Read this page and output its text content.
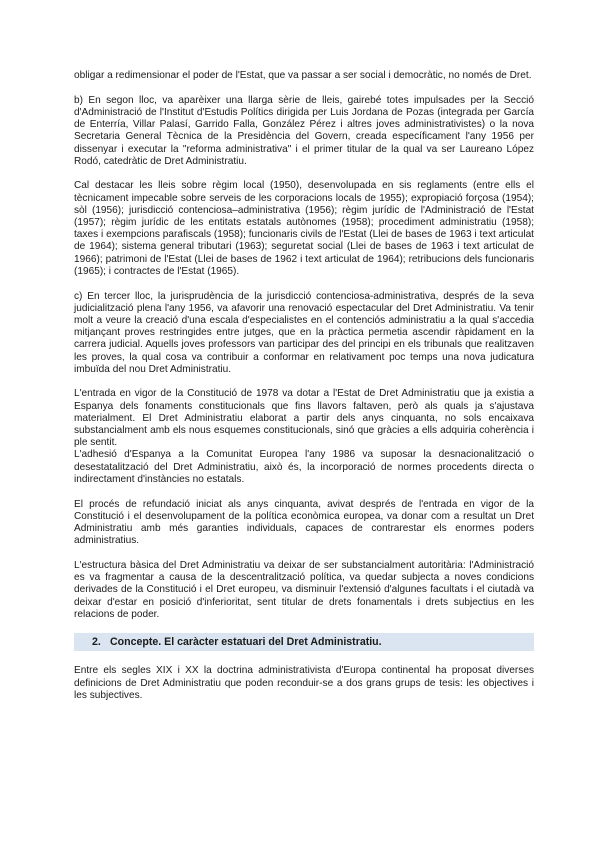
obligar a redimensionar el poder de l'Estat, que va passar a ser social i democràtic, no només de Dret.

b) En segon lloc, va aparèixer una llarga sèrie de lleis, gairebé totes impulsades per la Secció d'Administració de l'Institut d'Estudis Polítics dirigida per Luis Jordana de Pozas (integrada per García de Enterría, Villar Palasí, Garrido Falla, González Pérez i altres joves administrativistes) o la nova Secretaria General Tècnica de la Presidència del Govern, creada específicament l'any 1956 per dissenyar i executar la "reforma administrativa" i el primer titular de la qual va ser Laureano López Rodó, catedràtic de Dret Administratiu.

Cal destacar les lleis sobre règim local (1950), desenvolupada en sis reglaments (entre ells el tècnicament impecable sobre serveis de les corporacions locals de 1955); expropiació forçosa (1954); sòl (1956); jurisdicció contenciosa–administrativa (1956); règim jurídic de l'Administració de l'Estat (1957); règim jurídic de les entitats estatals autònomes (1958); procediment administratiu (1958); taxes i exempcions parafiscals (1958); funcionaris civils de l'Estat (Llei de bases de 1963 i text articulat de 1964); sistema general tributari (1963); seguretat social (Llei de bases de 1963 i text articulat de 1966); patrimoni de l'Estat (Llei de bases de 1962 i text articulat de 1964); retribucions dels funcionaris (1965); i contractes de l'Estat (1965).

c) En tercer lloc, la jurisprudència de la jurisdicció contenciosa-administrativa, després de la seva judicialització plena l'any 1956, va afavorir una renovació espectacular del Dret Administratiu. Va tenir molt a veure la creació d'una escala d'especialistes en el contenciós administratiu a la qual s'accedia mitjançant proves restringides entre jutges, que en la pràctica permetia ascendir ràpidament en la carrera judicial. Aquells joves professors van participar des del principi en els tribunals que realitzaven les proves, la qual cosa va contribuir a conformar en relativament poc temps una nova judicatura imbuïda del nou Dret Administratiu.

L'entrada en vigor de la Constitució de 1978 va dotar a l'Estat de Dret Administratiu que ja existia a Espanya dels fonaments constitucionals que fins llavors faltaven, però als quals ja s'ajustava materialment. El Dret Administratiu elaborat a partir dels anys cinquanta, no sols encaixava substancialment amb els nous esquemes constitucionals, sinó que gràcies a ells adquiria coherència i ple sentit.

L'adhesió d'Espanya a la Comunitat Europea l'any 1986 va suposar la desnacionalització o desestatalització del Dret Administratiu, això és, la incorporació de normes procedents directa o indirectament d'instàncies no estatals.

El procés de refundació iniciat als anys cinquanta, avivat després de l'entrada en vigor de la Constitució i el desenvolupament de la política econòmica europea, va donar com a resultat un Dret Administratiu amb més garanties individuals, capaces de contrarestar els enormes poders administratius.

L'estructura bàsica del Dret Administratiu va deixar de ser substancialment autoritària: l'Administració es va fragmentar a causa de la descentralització política, va quedar subjecta a noves condicions derivades de la Constitució i el Dret europeu, va disminuir l'extensió d'algunes facultats i el ciutadà va deixar d'estar en posició d'inferioritat, sent titular de drets fonamentals i drets subjectius en les relacions de poder.

2. Concepte. El caràcter estatuari del Dret Administratiu.

Entre els segles XIX i XX la doctrina administrativista d'Europa continental ha proposat diverses definicions de Dret Administratiu que poden reconduir-se a dos grans grups de tesis: les objectives i les subjectives.
